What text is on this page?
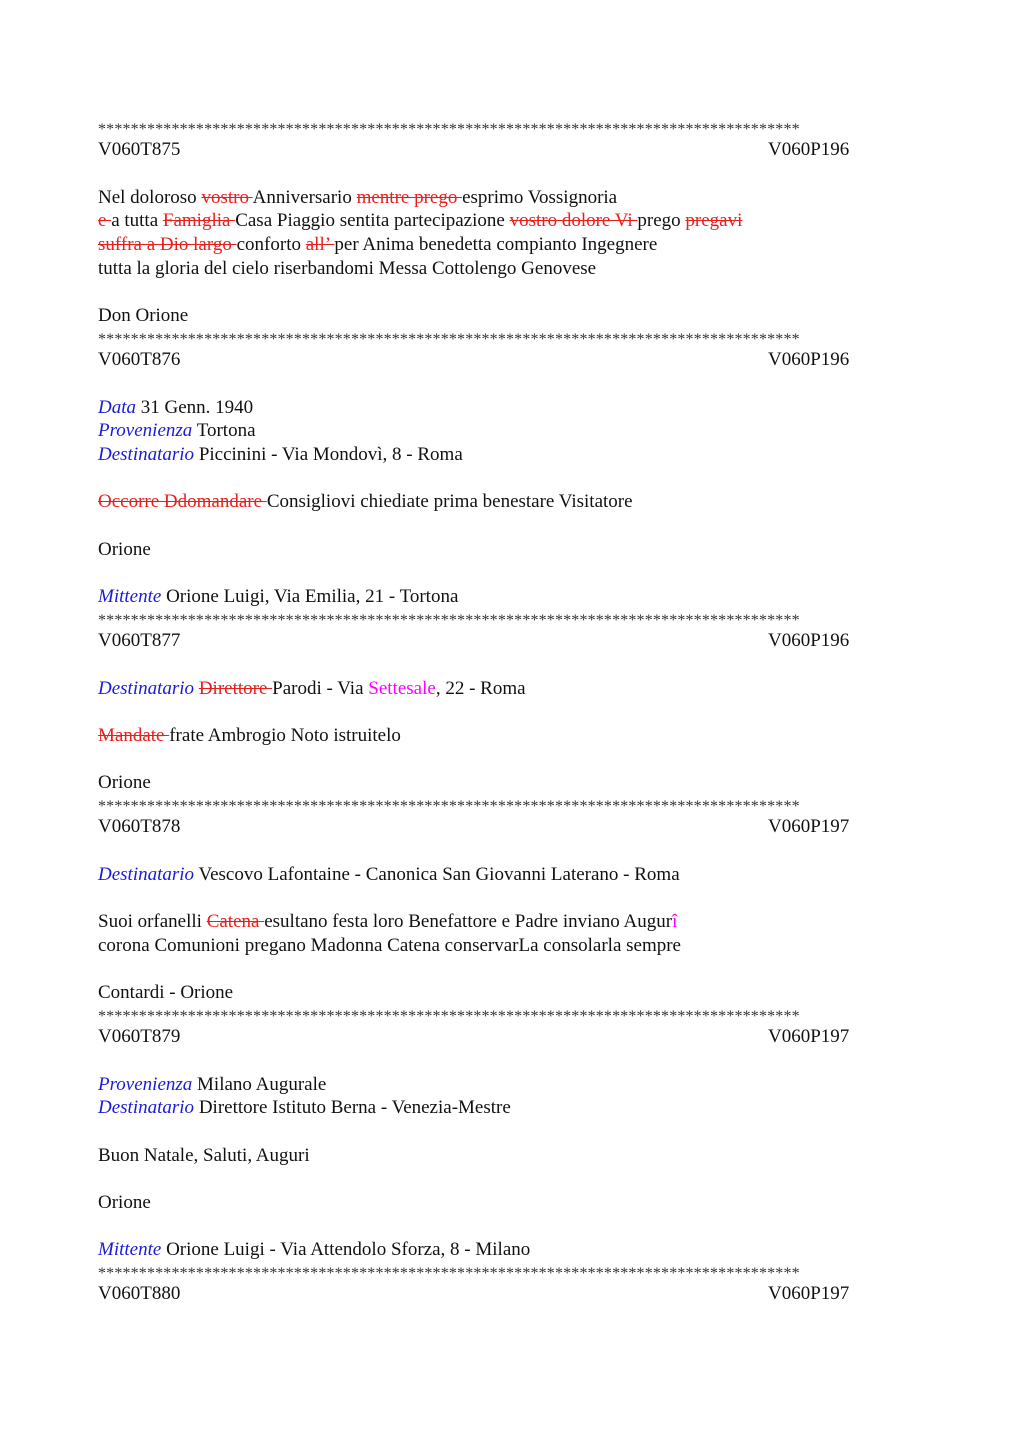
**************************************************************************************
V060T875	V060P196
Nel doloroso vostro Anniversario mentre prego esprimo Vossignoria
e a tutta Famiglia Casa Piaggio sentita partecipazione vostro dolore Vi prego pregavi
suffra a Dio largo conforto all’ per Anima benedetta compianto Ingegnere
tutta la gloria del cielo riserbandomi Messa Cottolengo Genovese
Don Orione
**************************************************************************************
V060T876	V060P196
Data 31 Genn. 1940
Provenienza Tortona
Destinatario Piccinini - Via Mondovì, 8 - Roma
Occorre Ddomandare Consigliovi chiediate prima benestare Visitatore
Orione
Mittente Orione Luigi, Via Emilia, 21 - Tortona
**************************************************************************************
V060T877	V060P196
Destinatario Direttore Parodi - Via Settesale, 22 - Roma
Mandate frate Ambrogio Noto istruitelo
Orione
**************************************************************************************
V060T878	V060P197
Destinatario Vescovo Lafontaine - Canonica San Giovanni Laterano - Roma
Suoi orfanelli Catena esultano festa loro Benefattore e Padre inviano Augurî
corona Comunioni pregano Madonna Catena conservarLa consolarla sempre
Contardi - Orione
**************************************************************************************
V060T879	V060P197
Provenienza Milano Augurale
Destinatario Direttore Istituto Berna - Venezia-Mestre
Buon Natale, Saluti, Auguri
Orione
Mittente Orione Luigi - Via Attendolo Sforza, 8 - Milano
**************************************************************************************
V060T880	V060P197
